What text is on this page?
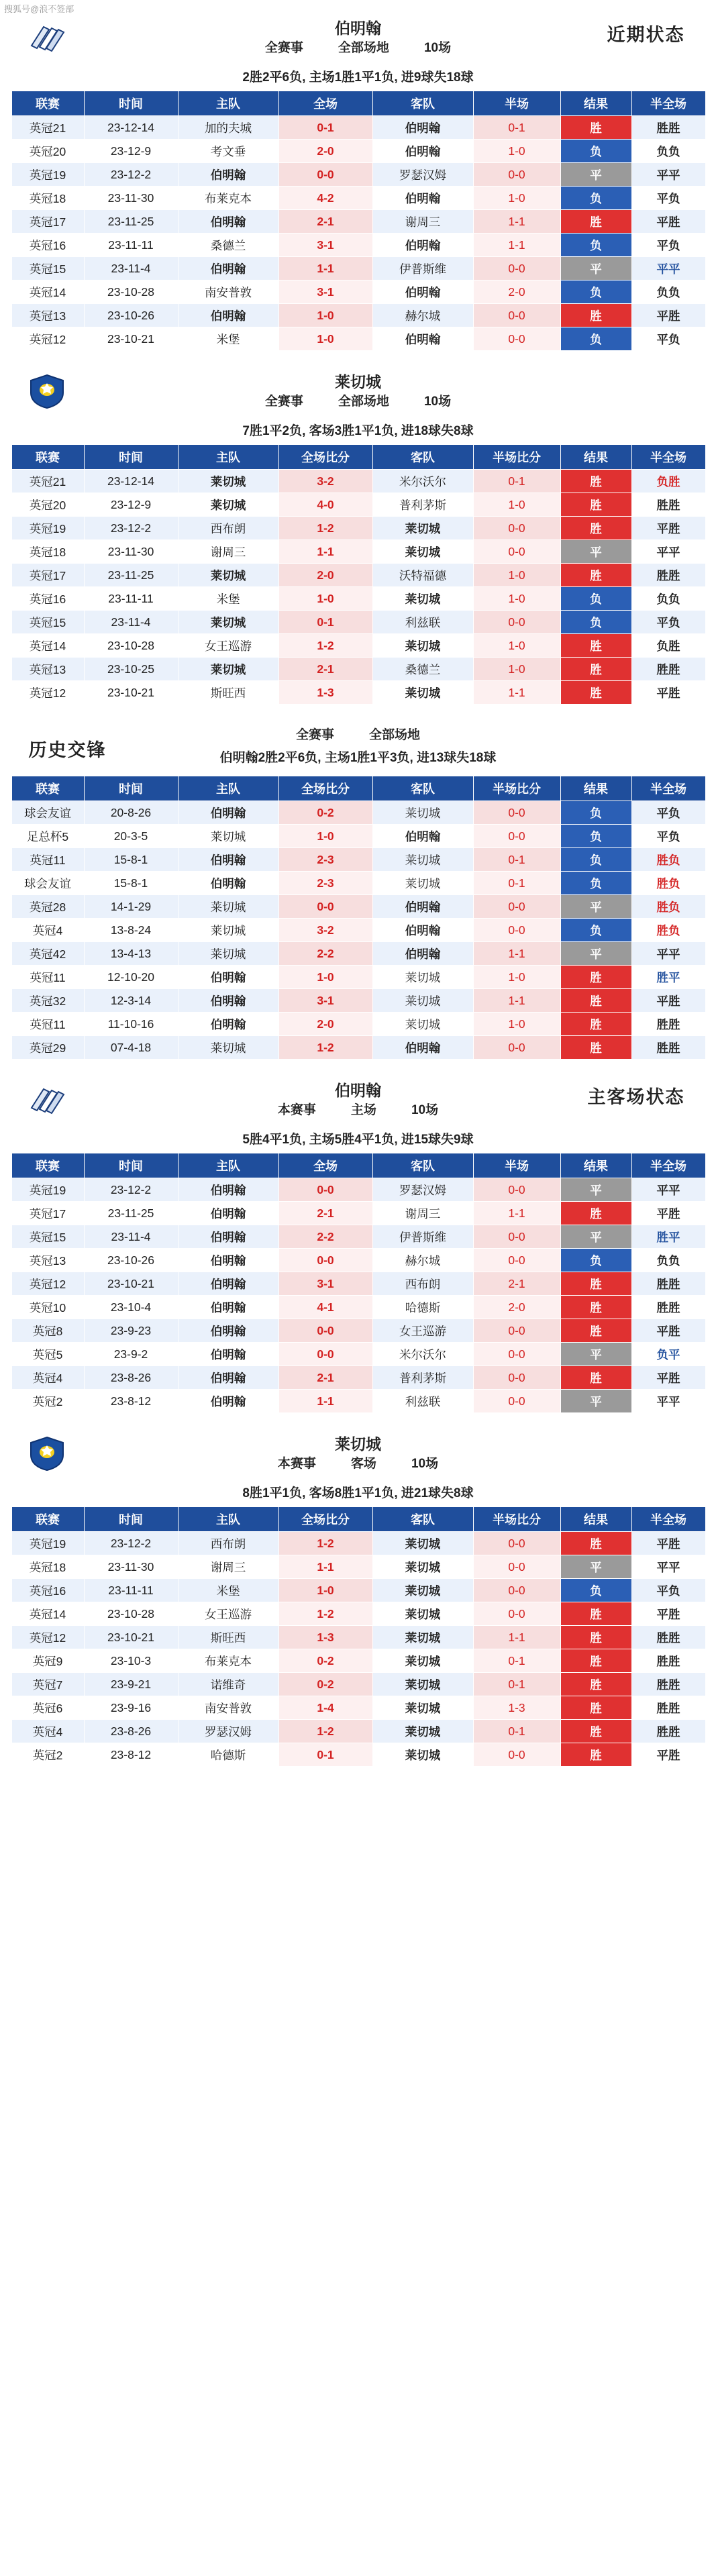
搜狐号@浪不签部
伯明翰
全赛事	全部场地	10场
近期状态
2胜2平6负, 主场1胜1平1负, 进9球失18球
联赛	时间	主队	全场	客队	半场	结果	半全场
英冠21	23-12-14	加的夫城	0-1	伯明翰	0-1	胜	胜胜
英冠20	23-12-9	考文垂	2-0	伯明翰	1-0	负	负负
英冠19	23-12-2	伯明翰	0-0	罗瑟汉姆	0-0	平	平平
英冠18	23-11-30	布莱克本	4-2	伯明翰	1-0	负	平负
英冠17	23-11-25	伯明翰	2-1	谢周三	1-1	胜	平胜
英冠16	23-11-11	桑德兰	3-1	伯明翰	1-1	负	平负
英冠15	23-11-4	伯明翰	1-1	伊普斯维	0-0	平	平平
英冠14	23-10-28	南安普敦	3-1	伯明翰	2-0	负	负负
英冠13	23-10-26	伯明翰	1-0	赫尔城	0-0	胜	平胜
英冠12	23-10-21	米堡	1-0	伯明翰	0-0	负	平负
莱切城
全赛事	全部场地	10场
7胜1平2负, 客场3胜1平1负, 进18球失8球
联赛	时间	主队	全场比分	客队	半场比分	结果	半全场
英冠21	23-12-14	莱切城	3-2	米尔沃尔	0-1	胜	负胜
英冠20	23-12-9	莱切城	4-0	普利茅斯	1-0	胜	胜胜
英冠19	23-12-2	西布朗	1-2	莱切城	0-0	胜	平胜
英冠18	23-11-30	谢周三	1-1	莱切城	0-0	平	平平
英冠17	23-11-25	莱切城	2-0	沃特福德	1-0	胜	胜胜
英冠16	23-11-11	米堡	1-0	莱切城	1-0	负	负负
英冠15	23-11-4	莱切城	0-1	利兹联	0-0	负	平负
英冠14	23-10-28	女王巡游	1-2	莱切城	1-0	胜	负胜
英冠13	23-10-25	莱切城	2-1	桑德兰	1-0	胜	胜胜
英冠12	23-10-21	斯旺西	1-3	莱切城	1-1	胜	平胜
历史交锋
全赛事	全部场地
伯明翰2胜2平6负, 主场1胜1平3负, 进13球失18球
联赛	时间	主队	全场比分	客队	半场比分	结果	半全场
球会友谊	20-8-26	伯明翰	0-2	莱切城	0-0	负	平负
足总杯5	20-3-5	莱切城	1-0	伯明翰	0-0	负	平负
英冠11	15-8-1	伯明翰	2-3	莱切城	0-1	负	胜负
球会友谊	15-8-1	伯明翰	2-3	莱切城	0-1	负	胜负
英冠28	14-1-29	莱切城	0-0	伯明翰	0-0	平	胜负
英冠4	13-8-24	莱切城	3-2	伯明翰	0-0	负	胜负
英冠42	13-4-13	莱切城	2-2	伯明翰	1-1	平	平平
英冠11	12-10-20	伯明翰	1-0	莱切城	1-0	胜	胜平
英冠32	12-3-14	伯明翰	3-1	莱切城	1-1	胜	平胜
英冠11	11-10-16	伯明翰	2-0	莱切城	1-0	胜	胜胜
英冠29	07-4-18	莱切城	1-2	伯明翰	0-0	胜	胜胜
伯明翰
本赛事	主场	10场
主客场状态
5胜4平1负, 主场5胜4平1负, 进15球失9球
联赛	时间	主队	全场	客队	半场	结果	半全场
英冠19	23-12-2	伯明翰	0-0	罗瑟汉姆	0-0	平	平平
英冠17	23-11-25	伯明翰	2-1	谢周三	1-1	胜	平胜
英冠15	23-11-4	伯明翰	2-2	伊普斯维	0-0	平	胜平
英冠13	23-10-26	伯明翰	0-0	赫尔城	0-0	负	负负
英冠12	23-10-21	伯明翰	3-1	西布朗	2-1	胜	胜胜
英冠10	23-10-4	伯明翰	4-1	哈德斯	2-0	胜	胜胜
英冠8	23-9-23	伯明翰	0-0	女王巡游	0-0	胜	平胜
英冠5	23-9-2	伯明翰	0-0	米尔沃尔	0-0	平	负平
英冠4	23-8-26	伯明翰	2-1	普利茅斯	0-0	胜	平胜
英冠2	23-8-12	伯明翰	1-1	利兹联	0-0	平	平平
莱切城
本赛事	客场	10场
8胜1平1负, 客场8胜1平1负, 进21球失8球
联赛	时间	主队	全场比分	客队	半场比分	结果	半全场
英冠19	23-12-2	西布朗	1-2	莱切城	0-0	胜	平胜
英冠18	23-11-30	谢周三	1-1	莱切城	0-0	平	平平
英冠16	23-11-11	米堡	1-0	莱切城	0-0	负	平负
英冠14	23-10-28	女王巡游	1-2	莱切城	0-0	胜	平胜
英冠12	23-10-21	斯旺西	1-3	莱切城	1-1	胜	胜胜
英冠9	23-10-3	布莱克本	0-2	莱切城	0-1	胜	胜胜
英冠7	23-9-21	诺维奇	0-2	莱切城	0-1	胜	胜胜
英冠6	23-9-16	南安普敦	1-4	莱切城	1-3	胜	胜胜
英冠4	23-8-26	罗瑟汉姆	1-2	莱切城	0-1	胜	胜胜
英冠2	23-8-12	哈德斯	0-1	莱切城	0-0	胜	平胜
